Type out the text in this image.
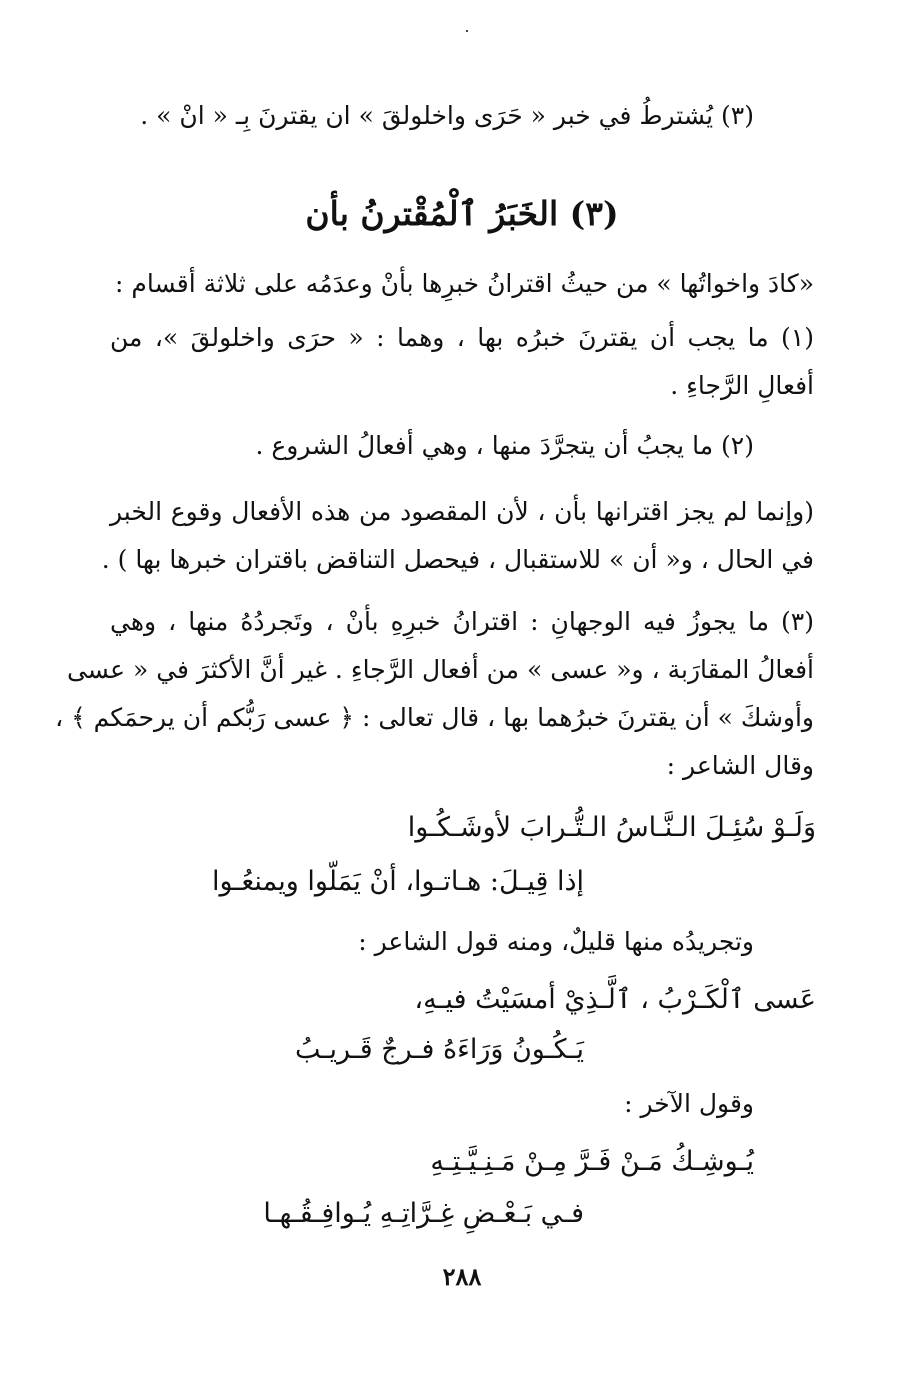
(٣) يُشترطُ في خبر « حَرَى واخلولقَ » ان يقترنَ بِـ « انْ » .
(٣) الخَبَرُ ٱلْمُقْترنُ بأن
«كادَ واخواتُها » من حيثُ اقترانُ خبرِها بأنْ وعدَمُه على ثلاثة أقسام :
(١) ما يجب أن يقترنَ خبرُه بها ، وهما : « حرَى واخلولقَ »، من
أفعالِ الرَّجاءِ .
(٢) ما يجبُ أن يتجرَّدَ منها ، وهي أفعالُ الشروع .
(وإنما لم يجز اقترانها بأن ، لأن المقصود من هذه الأفعال وقوع الخبر
في الحال ، و« أن » للاستقبال ، فيحصل التناقض باقتران خبرها بها ) .
(٣) ما يجوزُ فيه الوجهانِ : اقترانُ خبرِهِ بأنْ ، وتَجردُهُ منها ، وهي
أفعالُ المقارَبة ، و« عسى » من أفعال الرَّجاءِ . غير أنَّ الأكثرَ في « عسى
وأوشكَ » أن يقترنَ خبرُهما بها ، قال تعالى : ﴿ عسى رَبُّكم أن يرحمَكم ﴾ ،
وقال الشاعر :
وَلَـوْ سُئِـلَ الـنَّـاسُ الـتُّـرابَ لأوشَـكُـوا
إذا قِيـلَ: هـاتـوا، أنْ يَمَلّوا ويمنعُـوا
وتجريدُه منها قليلٌ، ومنه قول الشاعر :
عَسى ٱلْكَـرْبُ ، ٱلَّـذِيْ أمسَيْتُ فيـهِ،
يَـكُـونُ وَرَاءَهُ فـرجٌ قَـريـبُ
وقول الآخر :
يُـوشِـكُ مَـنْ فَـرَّ مِـنْ مَـنِـيَّـتِـهِ
فـي بَـعْـضِ غِـرَّاتِـهِ يُـوافِـقُـهـا
٢٨٨
